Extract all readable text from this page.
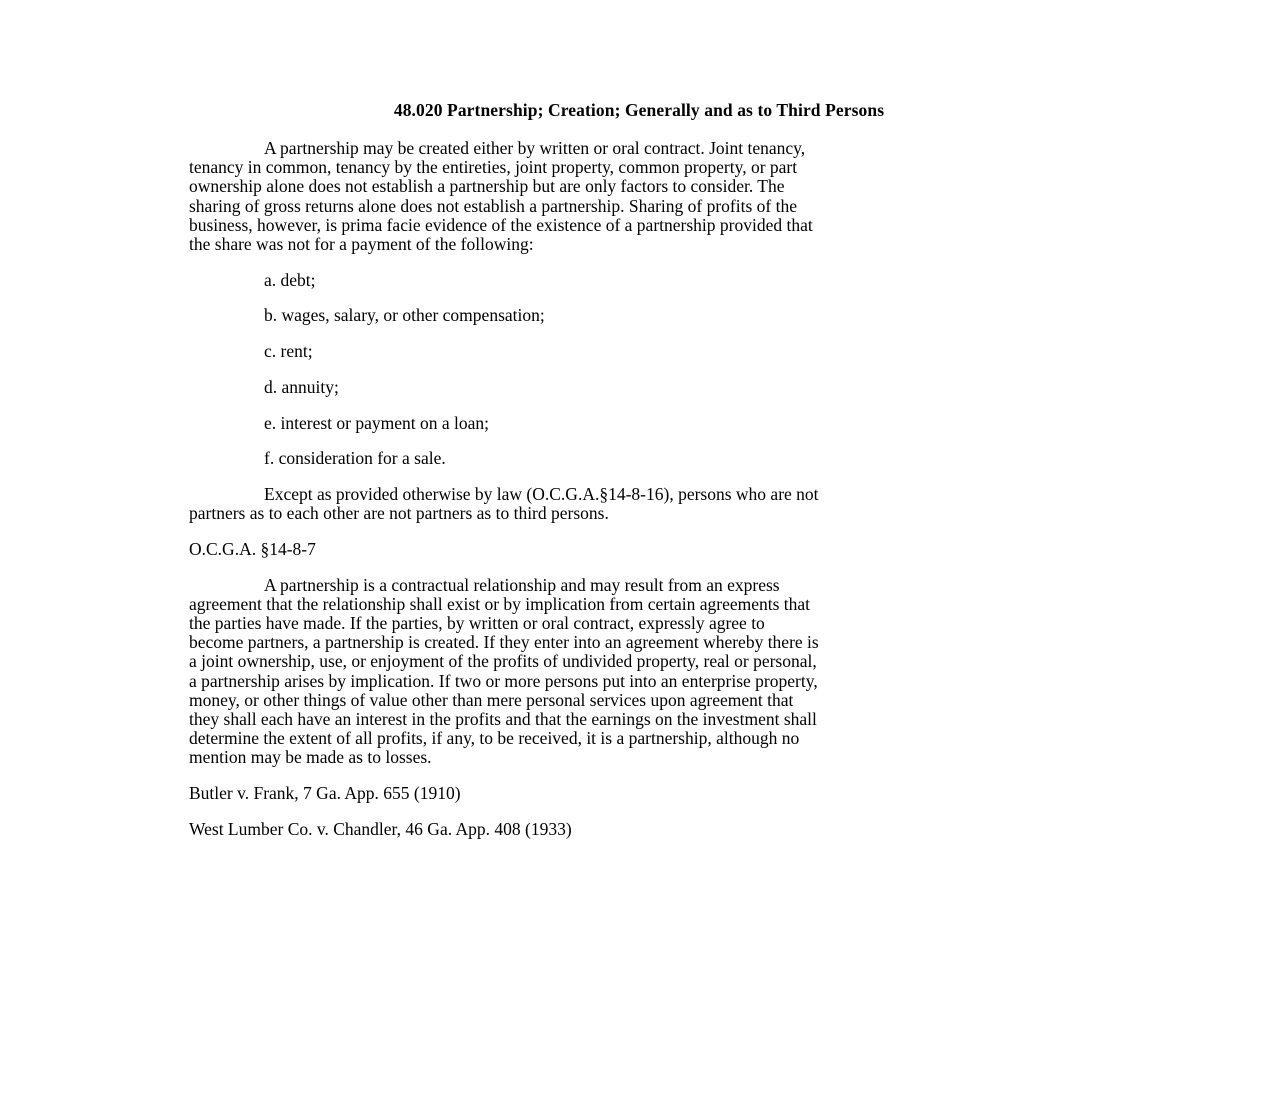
48.020 Partnership; Creation; Generally and as to Third Persons
A partnership may be created either by written or oral contract. Joint tenancy,
tenancy in common, tenancy by the entireties, joint property, common property, or part
ownership alone does not establish a partnership but are only factors to consider. The
sharing of gross returns alone does not establish a partnership. Sharing of profits of the
business, however, is prima facie evidence of the existence of a partnership provided that
the share was not for a payment of the following:
a. debt;
b. wages, salary, or other compensation;
c. rent;
d. annuity;
e. interest or payment on a loan;
f. consideration for a sale.
Except as provided otherwise by law (O.C.G.A.§14-8-16), persons who are not
partners as to each other are not partners as to third persons.
O.C.G.A. §14-8-7
A partnership is a contractual relationship and may result from an express
agreement that the relationship shall exist or by implication from certain agreements that
the parties have made. If the parties, by written or oral contract, expressly agree to
become partners, a partnership is created. If they enter into an agreement whereby there is
a joint ownership, use, or enjoyment of the profits of undivided property, real or personal,
a partnership arises by implication. If two or more persons put into an enterprise property,
money, or other things of value other than mere personal services upon agreement that
they shall each have an interest in the profits and that the earnings on the investment shall
determine the extent of all profits, if any, to be received, it is a partnership, although no
mention may be made as to losses.
Butler v. Frank, 7 Ga. App. 655 (1910)
West Lumber Co. v. Chandler, 46 Ga. App. 408 (1933)
